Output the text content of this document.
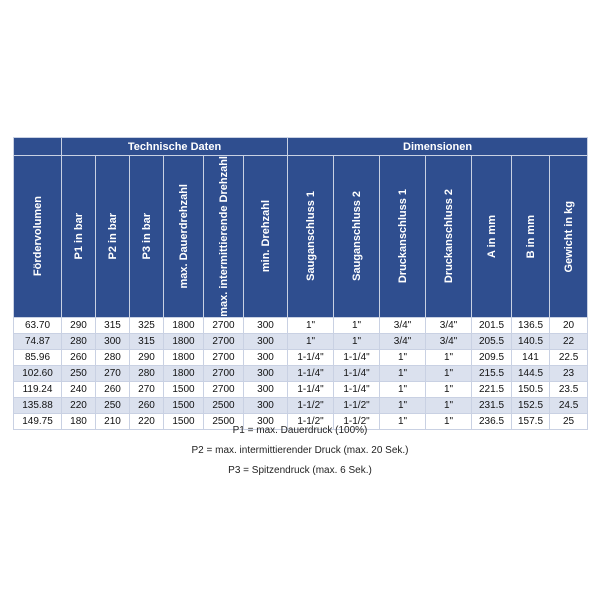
	Technische Daten						Dimensionen						

Fördervolumen	P1 in bar	P2 in bar	P3 in bar	max. Dauerdrehzahl	max. intermittierende Drehzahl	min. Drehzahl	Sauganschluss 1	Sauganschluss 2	Druckanschluss 1	Druckanschluss 2	A in mm	B in mm	Gewicht in kg

63.70	290	315	325	1800	2700	300	1"	1"	3/4"	3/4"	201.5	136.5	20
74.87	280	300	315	1800	2700	300	1"	1"	3/4"	3/4"	205.5	140.5	22
85.96	260	280	290	1800	2700	300	1-1/4"	1-1/4"	1"	1"	209.5	141	22.5
102.60	250	270	280	1800	2700	300	1-1/4"	1-1/4"	1"	1"	215.5	144.5	23
119.24	240	260	270	1500	2700	300	1-1/4"	1-1/4"	1"	1"	221.5	150.5	23.5
135.88	220	250	260	1500	2500	300	1-1/2"	1-1/2"	1"	1"	231.5	152.5	24.5
149.75	180	210	220	1500	2500	300	1-1/2"	1-1/2"	1"	1"	236.5	157.5	25
P1 = max. Dauerdruck (100%)
P2 = max. intermittierender Druck (max. 20 Sek.)
P3 = Spitzendruck (max. 6 Sek.)
